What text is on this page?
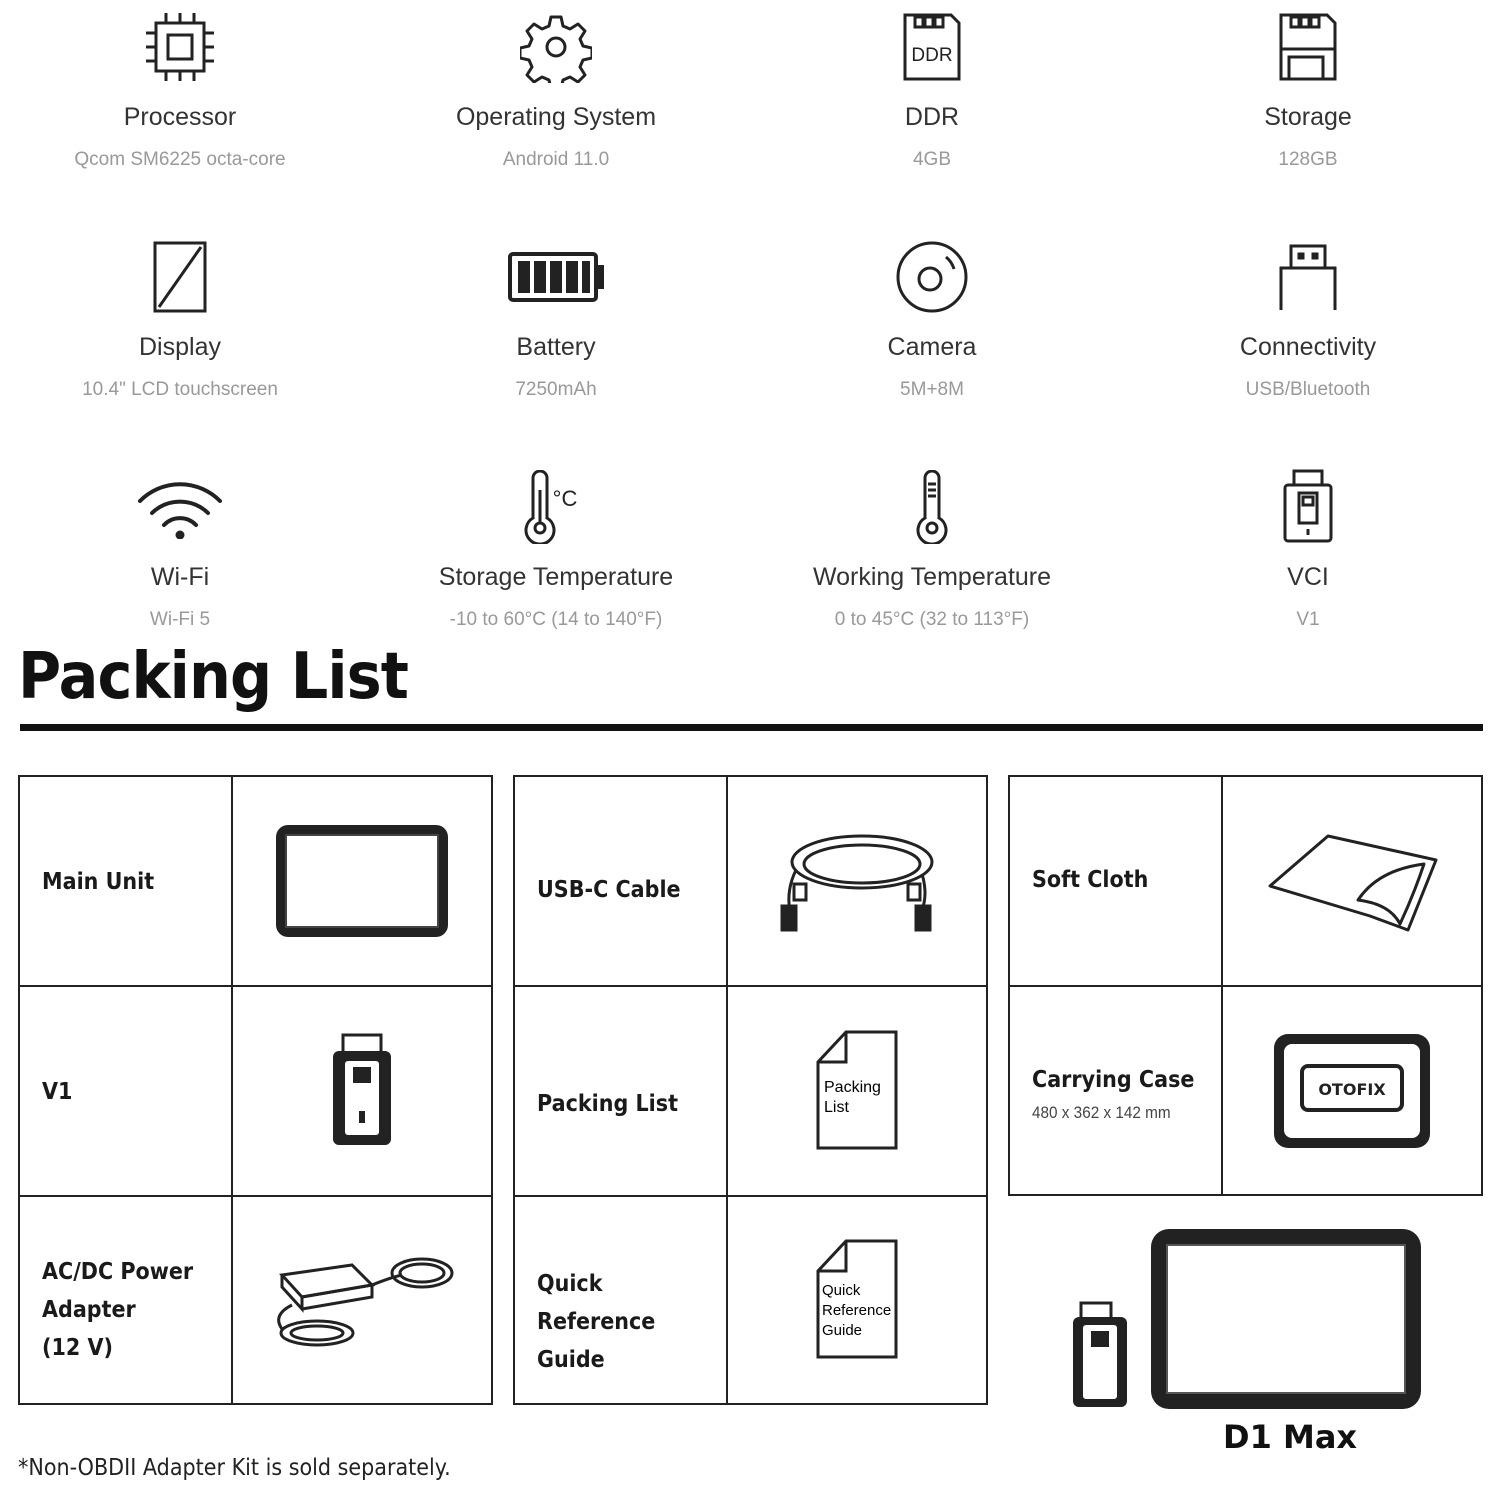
Processor
Qcom SM6225 octa-core
Operating System
Android 11.0
DDR
DDR
4GB
Storage
128GB
Display
10.4" LCD touchscreen
Battery
7250mAh
Camera
5M+8M
Connectivity
USB/Bluetooth
Wi-Fi
Wi-Fi 5
°C
Storage Temperature
-10 to 60°C (14 to 140°F)
Working Temperature
0 to 45°C (32 to 113°F)
VCI
V1
Packing List
Main Unit
V1
AC/DC Power
Adapter
(12 V)
USB-C Cable
Packing List
Packing
List
Quick Reference
Guide
Quick
Reference
Guide
Soft Cloth
Carrying Case
480 x 362 x 142 mm
OTOFIX
D1 Max
*Non-OBDII Adapter Kit is sold separately.
